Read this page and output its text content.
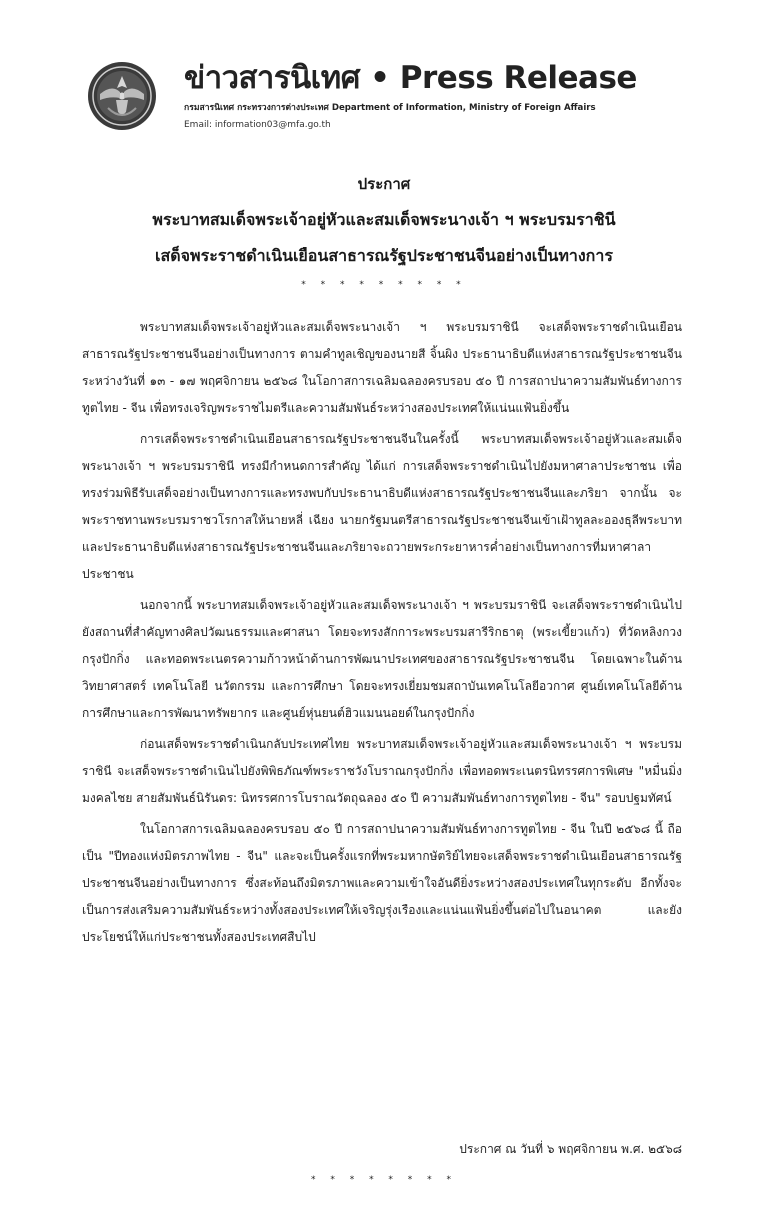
ข่าวสารนิเทศ • Press Release
กรมสารนิเทศ กระทรวงการต่างประเทศ Department of Information, Ministry of Foreign Affairs
Email: information03@mfa.go.th
ประกาศ
พระบาทสมเด็จพระเจ้าอยู่หัวและสมเด็จพระนางเจ้า ฯ พระบรมราชินี
เสด็จพระราชดำเนินเยือนสาธารณรัฐประชาชนจีนอย่างเป็นทางการ
* * * * * * * * *

พระบาทสมเด็จพระเจ้าอยู่หัวและสมเด็จพระนางเจ้า ฯ พระบรมราชินี จะเสด็จพระราชดำเนินเยือนสาธารณรัฐประชาชนจีนอย่างเป็นทางการ ตามคำทูลเชิญของนายสี จิ้นผิง ประธานาธิบดีแห่งสาธารณรัฐประชาชนจีน ระหว่างวันที่ ๑๓ - ๑๗ พฤศจิกายน ๒๕๖๘ ในโอกาสการเฉลิมฉลองครบรอบ ๕๐ ปี การสถาปนาความสัมพันธ์ทางการทูตไทย - จีน เพื่อทรงเจริญพระราชไมตรีและความสัมพันธ์ระหว่างสองประเทศให้แน่นแฟ้นยิ่งขึ้น

การเสด็จพระราชดำเนินเยือนสาธารณรัฐประชาชนจีนในครั้งนี้ พระบาทสมเด็จพระเจ้าอยู่หัวและสมเด็จพระนางเจ้า ฯ พระบรมราชินี ทรงมีกำหนดการสำคัญ ได้แก่ การเสด็จพระราชดำเนินไปยังมหาศาลาประชาชน เพื่อทรงร่วมพิธีรับเสด็จอย่างเป็นทางการและทรงพบกับประธานาธิบดีแห่งสาธารณรัฐประชาชนจีนและภริยา จากนั้น จะพระราชทานพระบรมราชวโรกาสให้นายหลี่ เฉียง นายกรัฐมนตรีสาธารณรัฐประชาชนจีนเข้าเฝ้าทูลละอองธุลีพระบาท และประธานาธิบดีแห่งสาธารณรัฐประชาชนจีนและภริยาจะถวายพระกระยาหารค่ำอย่างเป็นทางการที่มหาศาลาประชาชน

นอกจากนี้ พระบาทสมเด็จพระเจ้าอยู่หัวและสมเด็จพระนางเจ้า ฯ พระบรมราชินี จะเสด็จพระราชดำเนินไปยังสถานที่สำคัญทางศิลปวัฒนธรรมและศาสนา โดยจะทรงสักการะพระบรมสารีริกธาตุ (พระเขี้ยวแก้ว) ที่วัดหลิงกวง กรุงปักกิ่ง และทอดพระเนตรความก้าวหน้าด้านการพัฒนาประเทศของสาธารณรัฐประชาชนจีน โดยเฉพาะในด้านวิทยาศาสตร์ เทคโนโลยี นวัตกรรม และการศึกษา โดยจะทรงเยี่ยมชมสถาบันเทคโนโลยีอวกาศ ศูนย์เทคโนโลยีด้านการศึกษาและการพัฒนาทรัพยากร และศูนย์หุ่นยนต์ฮิวแมนนอยด์ในกรุงปักกิ่ง

ก่อนเสด็จพระราชดำเนินกลับประเทศไทย พระบาทสมเด็จพระเจ้าอยู่หัวและสมเด็จพระนางเจ้า ฯ พระบรมราชินี จะเสด็จพระราชดำเนินไปยังพิพิธภัณฑ์พระราชวังโบราณกรุงปักกิ่ง เพื่อทอดพระเนตรนิทรรศการพิเศษ "หมื่นมิ่งมงคลไชย สายสัมพันธ์นิรันดร: นิทรรศการโบราณวัตถุฉลอง ๕๐ ปี ความสัมพันธ์ทางการทูตไทย - จีน" รอบปฐมทัศน์

ในโอกาสการเฉลิมฉลองครบรอบ ๕๐ ปี การสถาปนาความสัมพันธ์ทางการทูตไทย - จีน ในปี ๒๕๖๘ นี้ ถือเป็น "ปีทองแห่งมิตรภาพไทย - จีน" และจะเป็นครั้งแรกที่พระมหากษัตริย์ไทยจะเสด็จพระราชดำเนินเยือนสาธารณรัฐประชาชนจีนอย่างเป็นทางการ ซึ่งสะท้อนถึงมิตรภาพและความเข้าใจอันดียิ่งระหว่างสองประเทศในทุกระดับ อีกทั้งจะเป็นการส่งเสริมความสัมพันธ์ระหว่างทั้งสองประเทศให้เจริญรุ่งเรืองและแน่นแฟ้นยิ่งขึ้นต่อไปในอนาคต และยังประโยชน์ให้แก่ประชาชนทั้งสองประเทศสืบไป

ประกาศ ณ วันที่ ๖ พฤศจิกายน พ.ศ. ๒๕๖๘
* * * * * * * *
